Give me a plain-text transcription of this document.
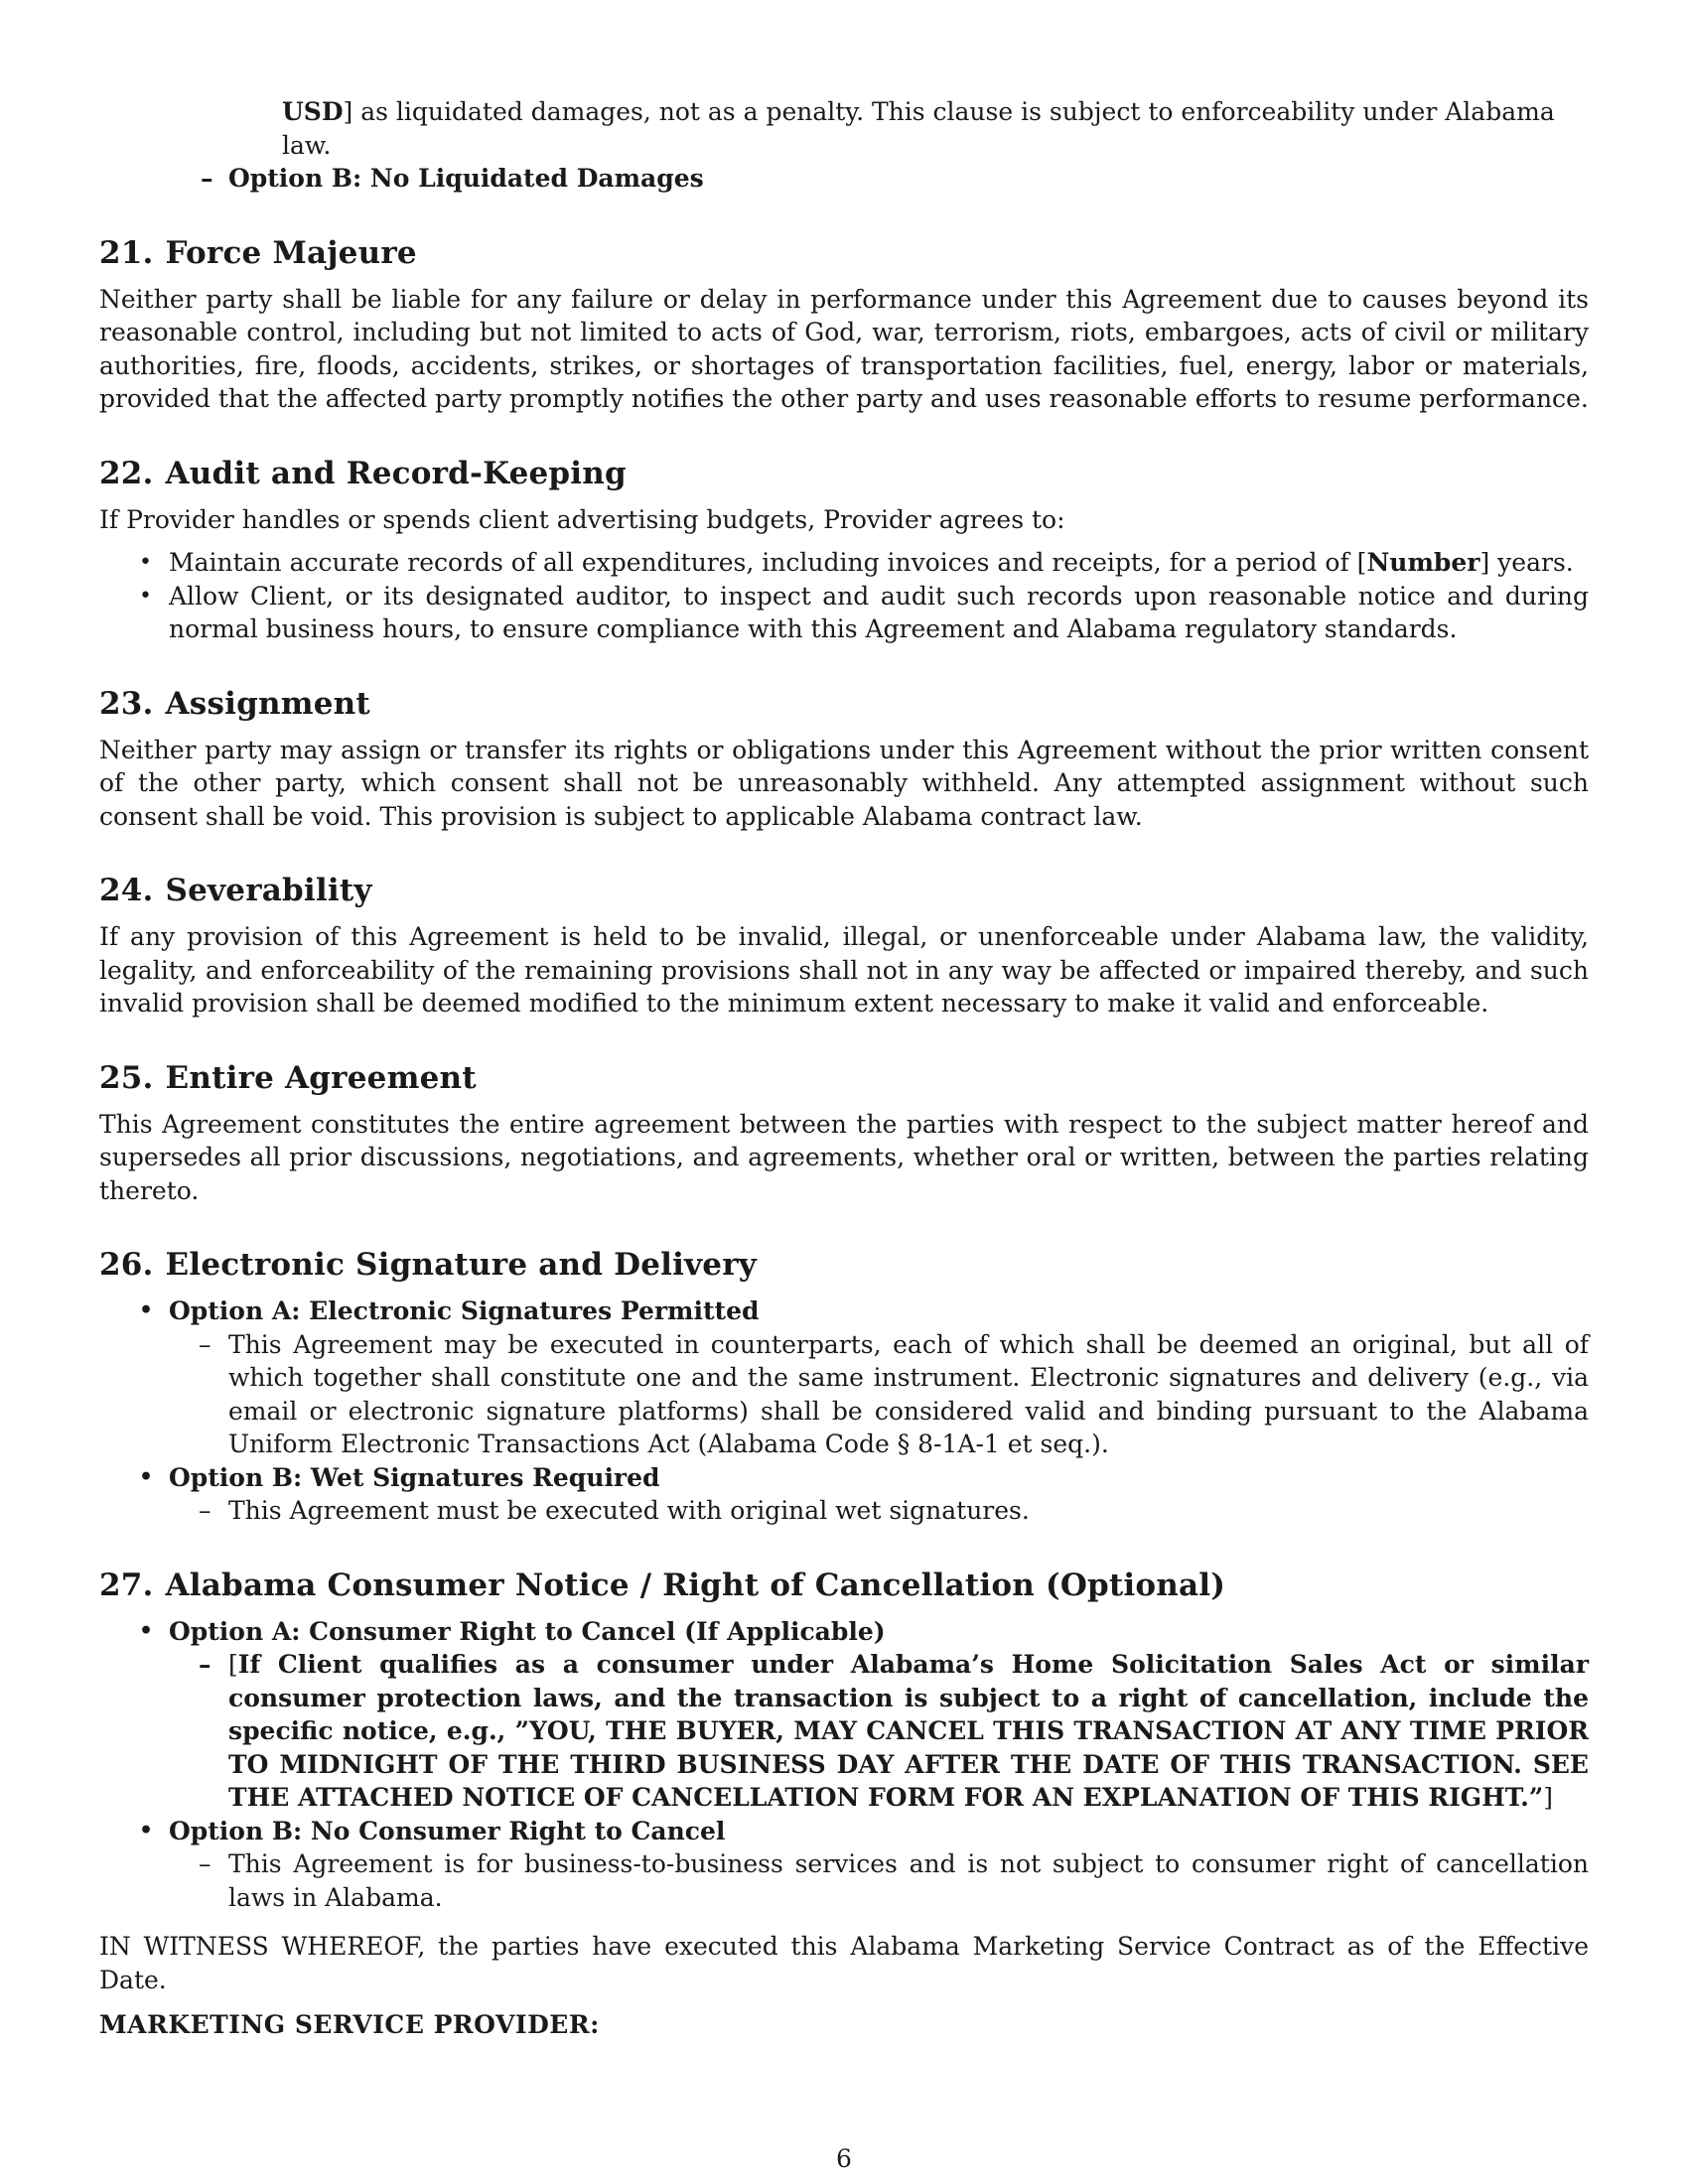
USD] as liquidated damages, not as a penalty. This clause is subject to enforceability under Alabama law.
– Option B: No Liquidated Damages
21. Force Majeure

Neither party shall be liable for any failure or delay in performance under this Agreement due to causes beyond its reasonable control, including but not limited to acts of God, war, terrorism, riots, embargoes, acts of civil or military authorities, fire, floods, accidents, strikes, or shortages of transportation facilities, fuel, energy, labor or materials, provided that the affected party promptly notifies the other party and uses reasonable efforts to resume performance.

22. Audit and Record-Keeping

If Provider handles or spends client advertising budgets, Provider agrees to:

• Maintain accurate records of all expenditures, including invoices and receipts, for a period of [Number] years.
• Allow Client, or its designated auditor, to inspect and audit such records upon reasonable notice and during normal business hours, to ensure compliance with this Agreement and Alabama regulatory standards.
23. Assignment

Neither party may assign or transfer its rights or obligations under this Agreement without the prior written consent of the other party, which consent shall not be unreasonably withheld. Any attempted assignment without such consent shall be void. This provision is subject to applicable Alabama contract law.

24. Severability

If any provision of this Agreement is held to be invalid, illegal, or unenforceable under Alabama law, the validity, legality, and enforceability of the remaining provisions shall not in any way be affected or impaired thereby, and such invalid provision shall be deemed modified to the minimum extent necessary to make it valid and enforceable.

25. Entire Agreement

This Agreement constitutes the entire agreement between the parties with respect to the subject matter hereof and supersedes all prior discussions, negotiations, and agreements, whether oral or written, between the parties relating thereto.

26. Electronic Signature and Delivery
• Option A: Electronic Signatures Permitted
– This Agreement may be executed in counterparts, each of which shall be deemed an original, but all of which together shall constitute one and the same instrument. Electronic signatures and delivery (e.g., via email or electronic signature platforms) shall be considered valid and binding pursuant to the Alabama Uniform Electronic Transactions Act (Alabama Code § 8-1A-1 et seq.).
• Option B: Wet Signatures Required
– This Agreement must be executed with original wet signatures.
27. Alabama Consumer Notice / Right of Cancellation (Optional)
• Option A: Consumer Right to Cancel (If Applicable)
– [If Client qualifies as a consumer under Alabama’s Home Solicitation Sales Act or similar consumer protection laws, and the transaction is subject to a right of cancellation, include the specific notice, e.g., ”YOU, THE BUYER, MAY CANCEL THIS TRANSACTION AT ANY TIME PRIOR TO MIDNIGHT OF THE THIRD BUSINESS DAY AFTER THE DATE OF THIS TRANSACTION. SEE THE ATTACHED NOTICE OF CANCELLATION FORM FOR AN EXPLANATION OF THIS RIGHT.”]
• Option B: No Consumer Right to Cancel
– This Agreement is for business-to-business services and is not subject to consumer right of cancellation laws in Alabama.

IN WITNESS WHEREOF, the parties have executed this Alabama Marketing Service Contract as of the Effective Date.

MARKETING SERVICE PROVIDER:
6
